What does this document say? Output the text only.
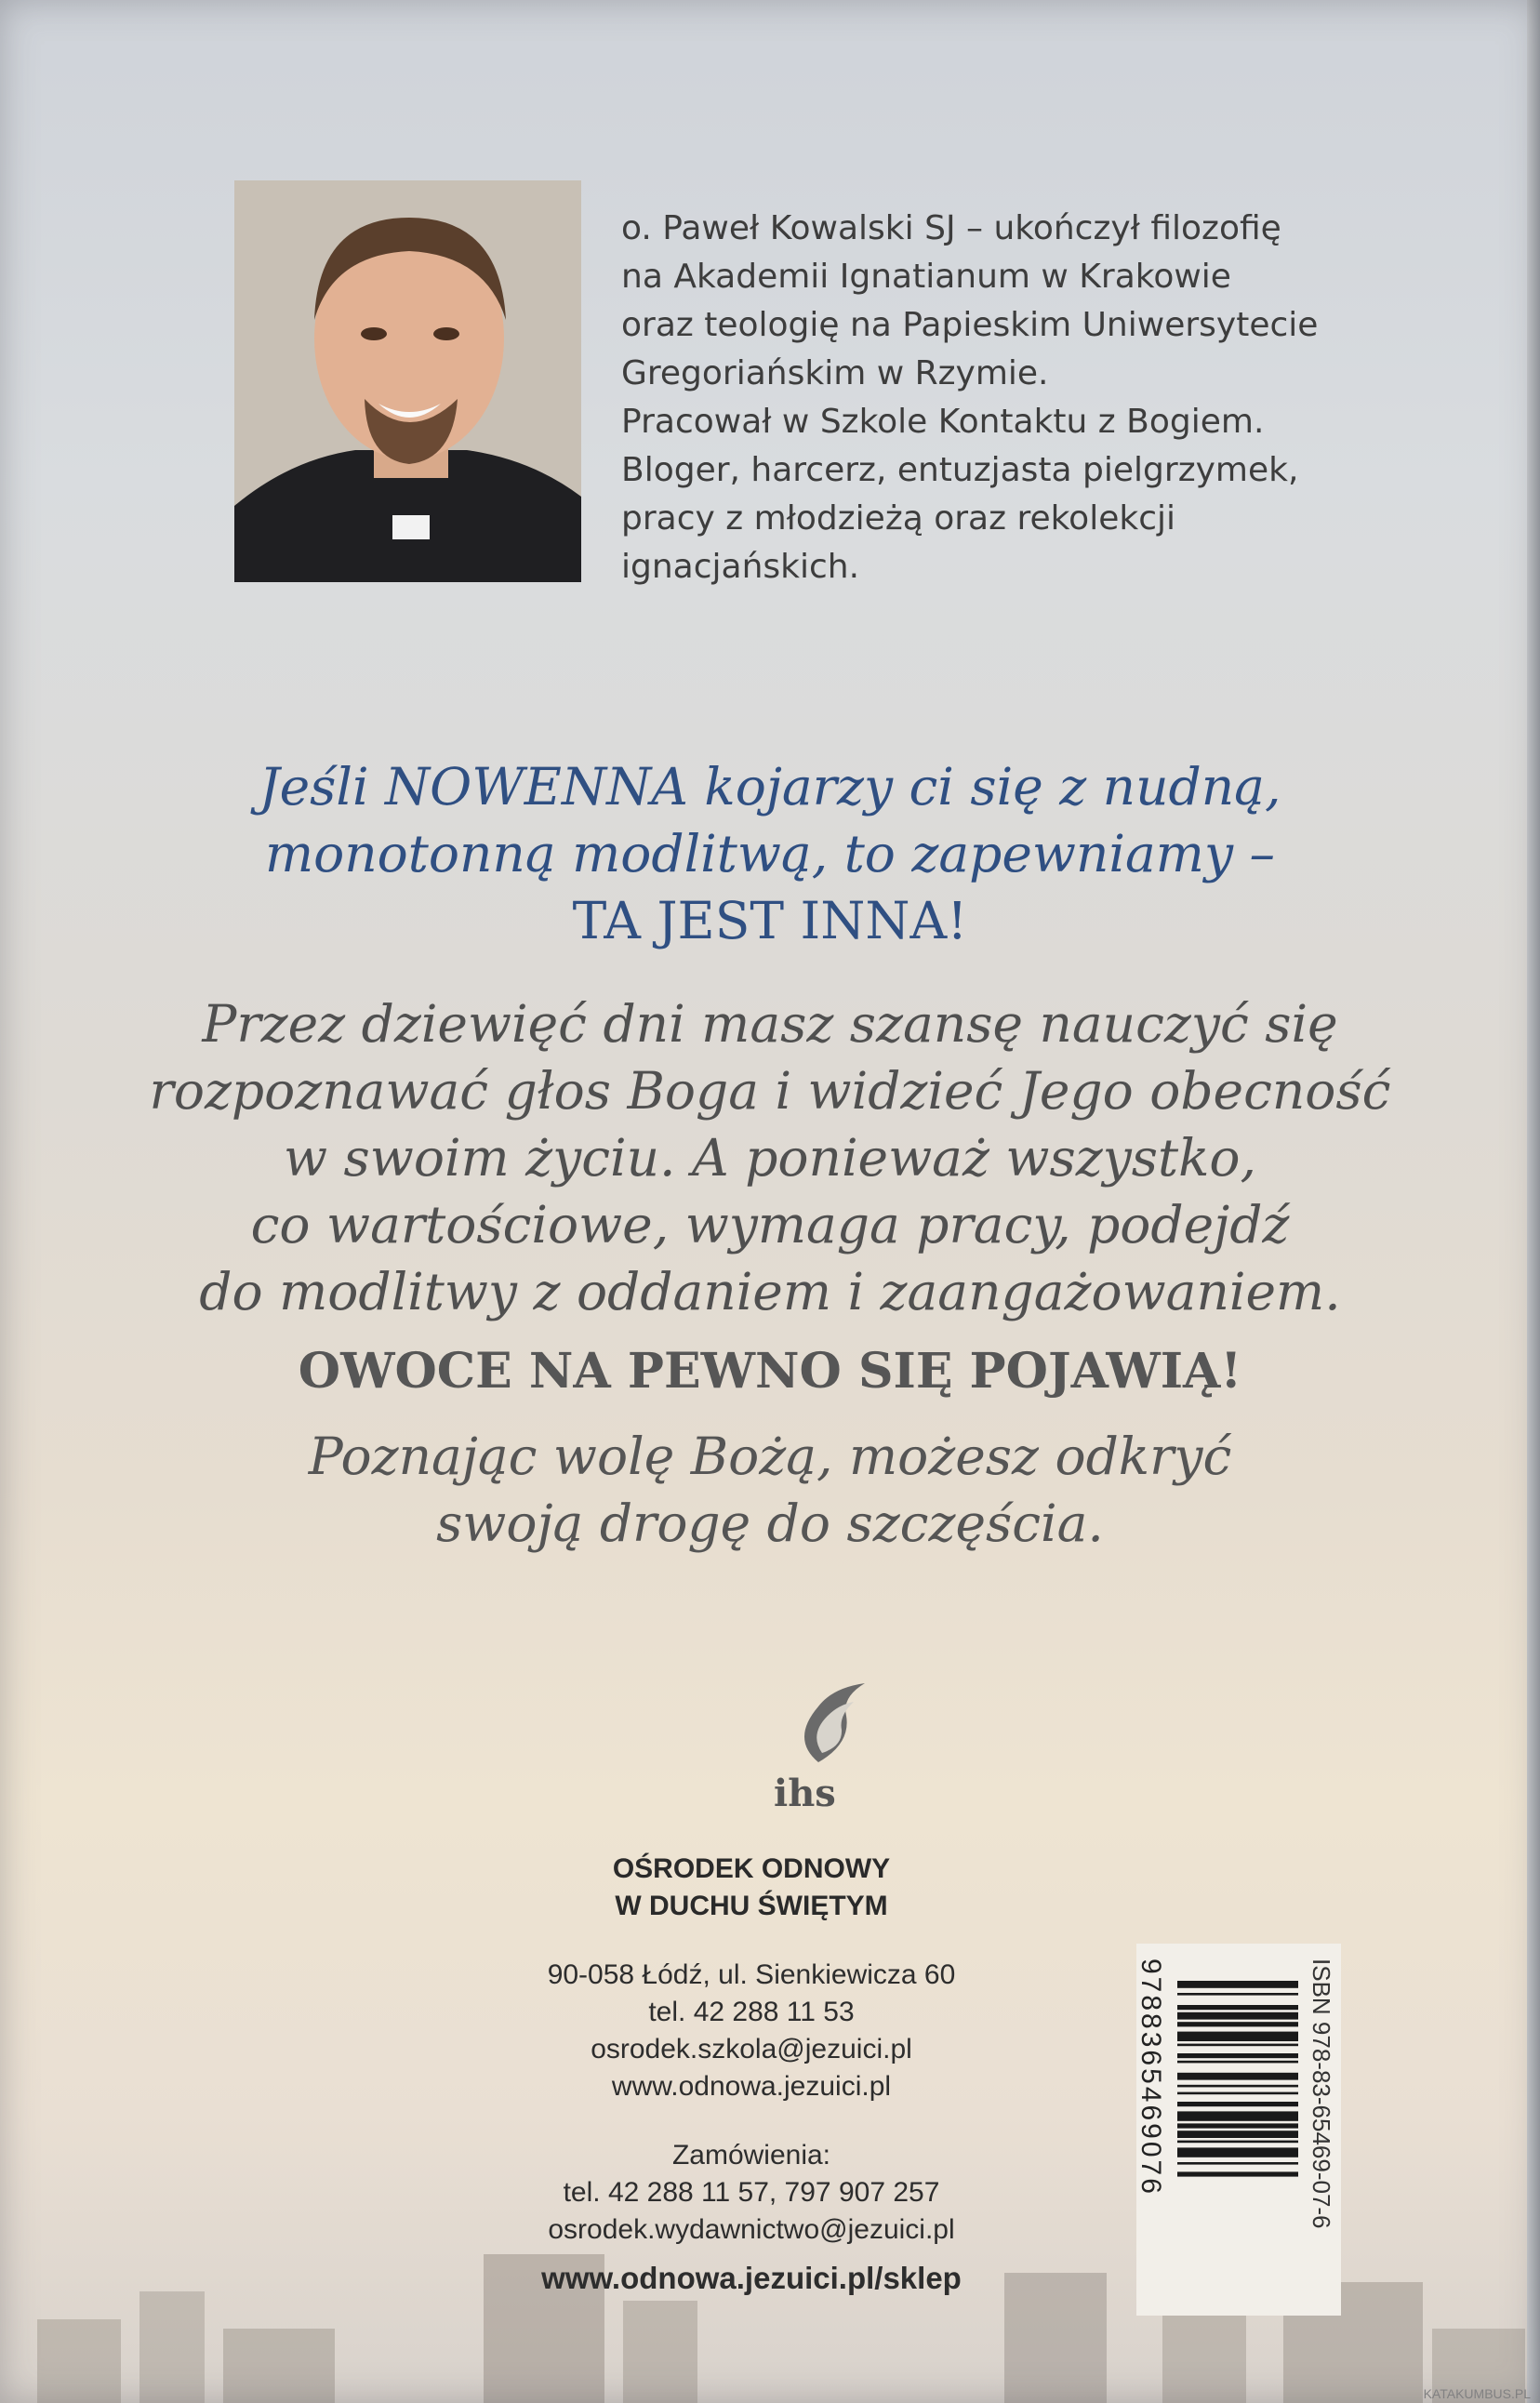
o. Paweł Kowalski SJ – ukończył filozofię
na Akademii Ignatianum w Krakowie
oraz teologię na Papieskim Uniwersytecie
Gregoriańskim w Rzymie.
Pracował w Szkole Kontaktu z Bogiem.
Bloger, harcerz, entuzjasta pielgrzymek,
pracy z młodzieżą oraz rekolekcji
ignacjańskich.
Jeśli NOWENNA kojarzy ci się z nudną,
monotonną modlitwą, to zapewniamy –
TA JEST INNA!
Przez dziewięć dni masz szansę nauczyć się
rozpoznawać głos Boga i widzieć Jego obecność
w swoim życiu. A ponieważ wszystko,
co wartościowe, wymaga pracy, podejdź
do modlitwy z oddaniem i zaangażowaniem.
OWOCE NA PEWNO SIĘ POJAWIĄ!
Poznając wolę Bożą, możesz odkryć
swoją drogę do szczęścia.
ihs
OŚRODEK ODNOWY
W DUCHU ŚWIĘTYM
90-058 Łódź, ul. Sienkiewicza 60
tel. 42 288 11 53
osrodek.szkola@jezuici.pl
www.odnowa.jezuici.pl
Zamówienia:
tel. 42 288 11 57, 797 907 257
osrodek.wydawnictwo@jezuici.pl
www.odnowa.jezuici.pl/sklep
ISBN 978-83-65469-07-6
9788365469076
KATAKUMBUS.PL
